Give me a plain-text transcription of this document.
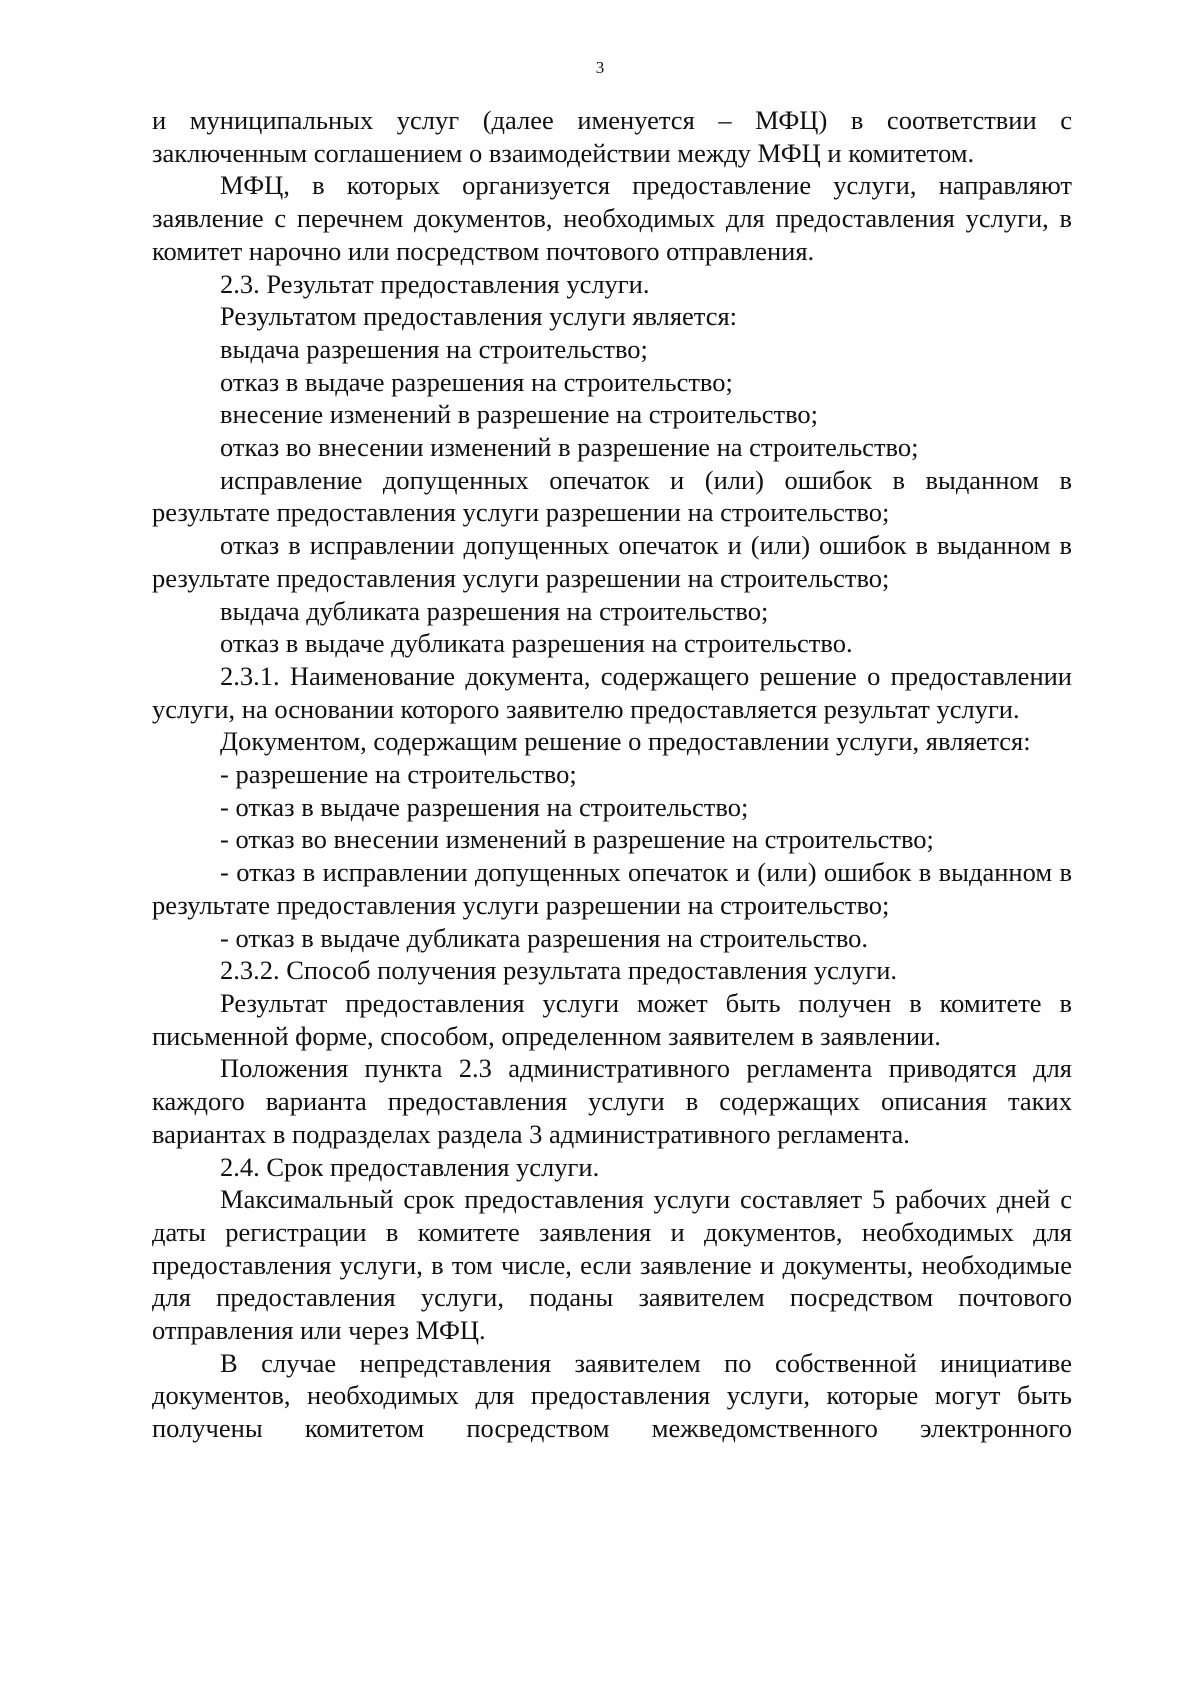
3

и муниципальных услуг (далее именуется – МФЦ) в соответствии с заключенным соглашением о взаимодействии между МФЦ и комитетом.

МФЦ, в которых организуется предоставление услуги, направляют заявление с перечнем документов, необходимых для предоставления услуги, в комитет нарочно или посредством почтового отправления.

2.3. Результат предоставления услуги.

Результатом предоставления услуги является:

выдача разрешения на строительство;

отказ в выдаче разрешения на строительство;

внесение изменений в разрешение на строительство;

отказ во внесении изменений в разрешение на строительство;

исправление допущенных опечаток и (или) ошибок в выданном в результате предоставления услуги разрешении на строительство;

отказ в исправлении допущенных опечаток и (или) ошибок в выданном в результате предоставления услуги разрешении на строительство;

выдача дубликата разрешения на строительство;

отказ в выдаче дубликата разрешения на строительство.

2.3.1. Наименование документа, содержащего решение о предоставлении услуги, на основании которого заявителю предоставляется результат услуги.

Документом, содержащим решение о предоставлении услуги, является:

- разрешение на строительство;

- отказ в выдаче разрешения на строительство;

- отказ во внесении изменений в разрешение на строительство;

- отказ в исправлении допущенных опечаток и (или) ошибок в выданном в результате предоставления услуги разрешении на строительство;

- отказ в выдаче дубликата разрешения на строительство.

2.3.2. Способ получения результата предоставления услуги.

Результат предоставления услуги может быть получен в комитете в письменной форме, способом, определенном заявителем в заявлении.

Положения пункта 2.3 административного регламента приводятся для каждого варианта предоставления услуги в содержащих описания таких вариантах в подразделах раздела 3 административного регламента.

2.4. Срок предоставления услуги.

Максимальный срок предоставления услуги составляет 5 рабочих дней с даты регистрации в комитете заявления и документов, необходимых для предоставления услуги, в том числе, если заявление и документы, необходимые для предоставления услуги, поданы заявителем посредством почтового отправления или через МФЦ.

В случае непредставления заявителем по собственной инициативе документов, необходимых для предоставления услуги, которые могут быть получены комитетом посредством межведомственного электронного
